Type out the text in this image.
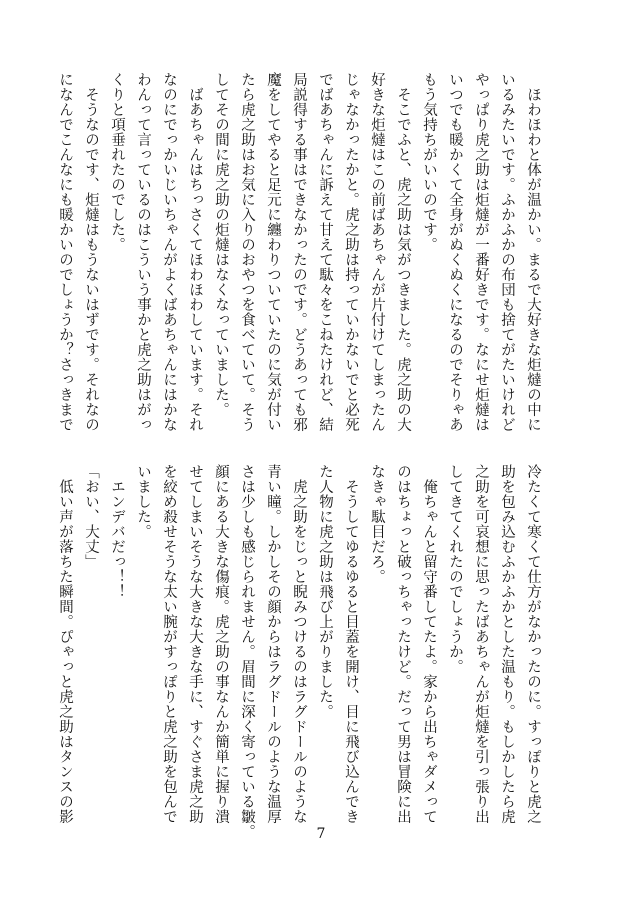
　ほわほわと体が温かい。まるで大好きな炬燵の中に
いるみたいです。ふかふかの布団も捨てがたいけれど
やっぱり虎之助は炬燵が一番好きです。なにせ炬燵は
いつでも暖かくて全身がぬくぬくになるのでそりゃあ
もう気持ちがいいのです。
　そこでふと、虎之助は気がつきました。虎之助の大
好きな炬燵はこの前ばあちゃんが片付けてしまったん
じゃなかったかと。虎之助は持っていかないでと必死
でばあちゃんに訴えて甘えて駄々をこねたけれど、結
局説得する事はできなかったのです。どうあっても邪
魔をしてやると足元に纏わりついていたのに気が付い
たら虎之助はお気に入りのおやつを食べていて。そう
してその間に虎之助の炬燵はなくなっていました。
　ばあちゃんはちっさくてほわほわしています。それ
なのにでっかいじいちゃんがよくばあちゃんにはかな
わんって言っているのはこういう事かと虎之助はがっ
くりと項垂れたのでした。
　そうなのです、炬燵はもうないはずです。それなの
になんでこんなにも暖かいのでしょうか？さっきまで
冷たくて寒くて仕方がなかったのに。すっぽりと虎之
助を包み込むふかふかとした温もり。もしかしたら虎
之助を可哀想に思ったばあちゃんが炬燵を引っ張り出
してきてくれたのでしょうか。
　俺ちゃんと留守番してたよ。家から出ちゃダメって
のはちょっと破っちゃったけど。だって男は冒険に出
なきゃ駄目だろ。
　そうしてゆるゆると目蓋を開け、目に飛び込んでき
た人物に虎之助は飛び上がりました。
　虎之助をじっと睨みつけるのはラグドールのような
青い瞳。しかしその顔からはラグドールのような温厚
さは少しも感じられません。眉間に深く寄っている皺。
顔にある大きな傷痕。虎之助の事なんか簡単に握り潰
せてしまいそうな大きな大きな手に、すぐさま虎之助
を絞め殺せそうな太い腕がすっぽりと虎之助を包んで
いました。
　エンデバだっ！！
「おい、大丈」
　低い声が落ちた瞬間。ぴゃっと虎之助はタンスの影
7
